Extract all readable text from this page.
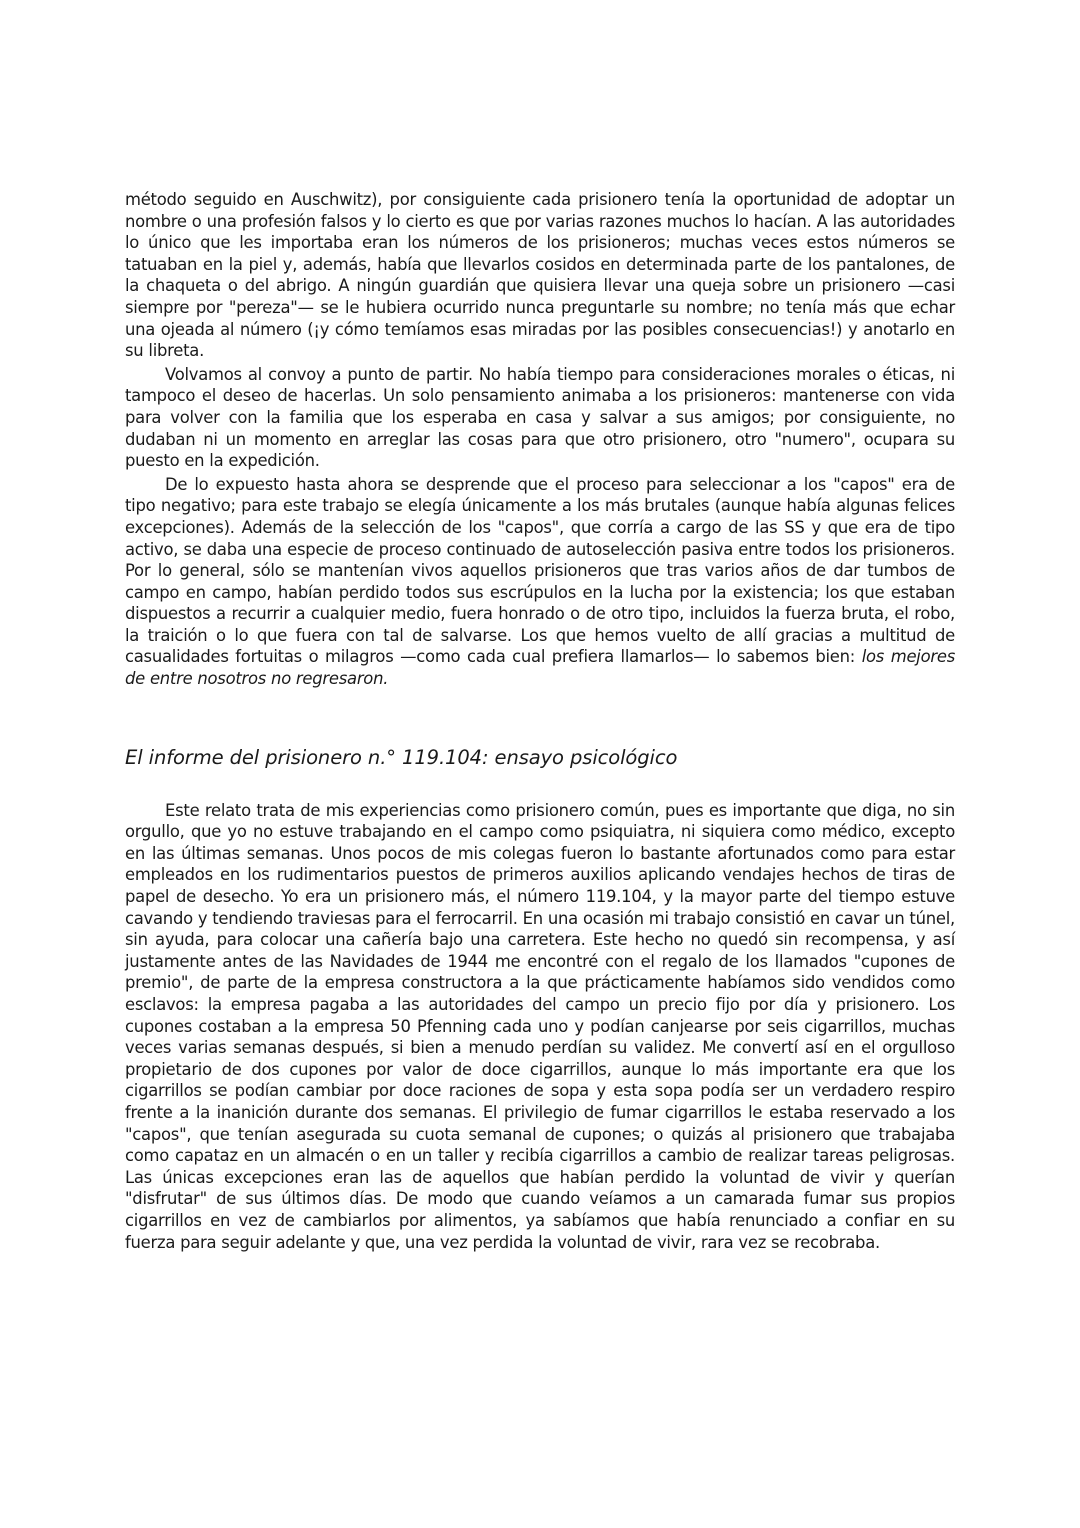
método seguido en Auschwitz), por consiguiente cada prisionero tenía la oportunidad de adoptar un nombre o una profesión falsos y lo cierto es que por varias razones muchos lo hacían. A las autoridades lo único que les importaba eran los números de los prisioneros; muchas veces estos números se tatuaban en la piel y, además, había que llevarlos cosidos en determinada parte de los pantalones, de la chaqueta o del abrigo. A ningún guardián que quisiera llevar una queja sobre un prisionero —casi siempre por "pereza"— se le hubiera ocurrido nunca preguntarle su nombre; no tenía más que echar una ojeada al número (¡y cómo temíamos esas miradas por las posibles consecuencias!) y anotarlo en su libreta.

Volvamos al convoy a punto de partir. No había tiempo para consideraciones morales o éticas, ni tampoco el deseo de hacerlas. Un solo pensamiento animaba a los prisioneros: mantenerse con vida para volver con la familia que los esperaba en casa y salvar a sus amigos; por consiguiente, no dudaban ni un momento en arreglar las cosas para que otro prisionero, otro "numero", ocupara su puesto en la expedición.

De lo expuesto hasta ahora se desprende que el proceso para seleccionar a los "capos" era de tipo negativo; para este trabajo se elegía únicamente a los más brutales (aunque había algunas felices excepciones). Además de la selección de los "capos", que corría a cargo de las SS y que era de tipo activo, se daba una especie de proceso continuado de autoselección pasiva entre todos los prisioneros. Por lo general, sólo se mantenían vivos aquellos prisioneros que tras varios años de dar tumbos de campo en campo, habían perdido todos sus escrúpulos en la lucha por la existencia; los que estaban dispuestos a recurrir a cualquier medio, fuera honrado o de otro tipo, incluidos la fuerza bruta, el robo, la traición o lo que fuera con tal de salvarse. Los que hemos vuelto de allí gracias a multitud de casualidades fortuitas o milagros —como cada cual prefiera llamarlos— lo sabemos bien: los mejores de entre nosotros no regresaron.

El informe del prisionero n.° 119.104: ensayo psicológico

Este relato trata de mis experiencias como prisionero común, pues es importante que diga, no sin orgullo, que yo no estuve trabajando en el campo como psiquiatra, ni siquiera como médico, excepto en las últimas semanas. Unos pocos de mis colegas fueron lo bastante afortunados como para estar empleados en los rudimentarios puestos de primeros auxilios aplicando vendajes hechos de tiras de papel de desecho. Yo era un prisionero más, el número 119.104, y la mayor parte del tiempo estuve cavando y tendiendo traviesas para el ferrocarril. En una ocasión mi trabajo consistió en cavar un túnel, sin ayuda, para colocar una cañería bajo una carretera. Este hecho no quedó sin recompensa, y así justamente antes de las Navidades de 1944 me encontré con el regalo de los llamados "cupones de premio", de parte de la empresa constructora a la que prácticamente habíamos sido vendidos como esclavos: la empresa pagaba a las autoridades del campo un precio fijo por día y prisionero. Los cupones costaban a la empresa 50 Pfenning cada uno y podían canjearse por seis cigarrillos, muchas veces varias semanas después, si bien a menudo perdían su validez. Me convertí así en el orgulloso propietario de dos cupones por valor de doce cigarrillos, aunque lo más importante era que los cigarrillos se podían cambiar por doce raciones de sopa y esta sopa podía ser un verdadero respiro frente a la inanición durante dos semanas. El privilegio de fumar cigarrillos le estaba reservado a los "capos", que tenían asegurada su cuota semanal de cupones; o quizás al prisionero que trabajaba como capataz en un almacén o en un taller y recibía cigarrillos a cambio de realizar tareas peligrosas. Las únicas excepciones eran las de aquellos que habían perdido la voluntad de vivir y querían "disfrutar" de sus últimos días. De modo que cuando veíamos a un camarada fumar sus propios cigarrillos en vez de cambiarlos por alimentos, ya sabíamos que había renunciado a confiar en su fuerza para seguir adelante y que, una vez perdida la voluntad de vivir, rara vez se recobraba.
